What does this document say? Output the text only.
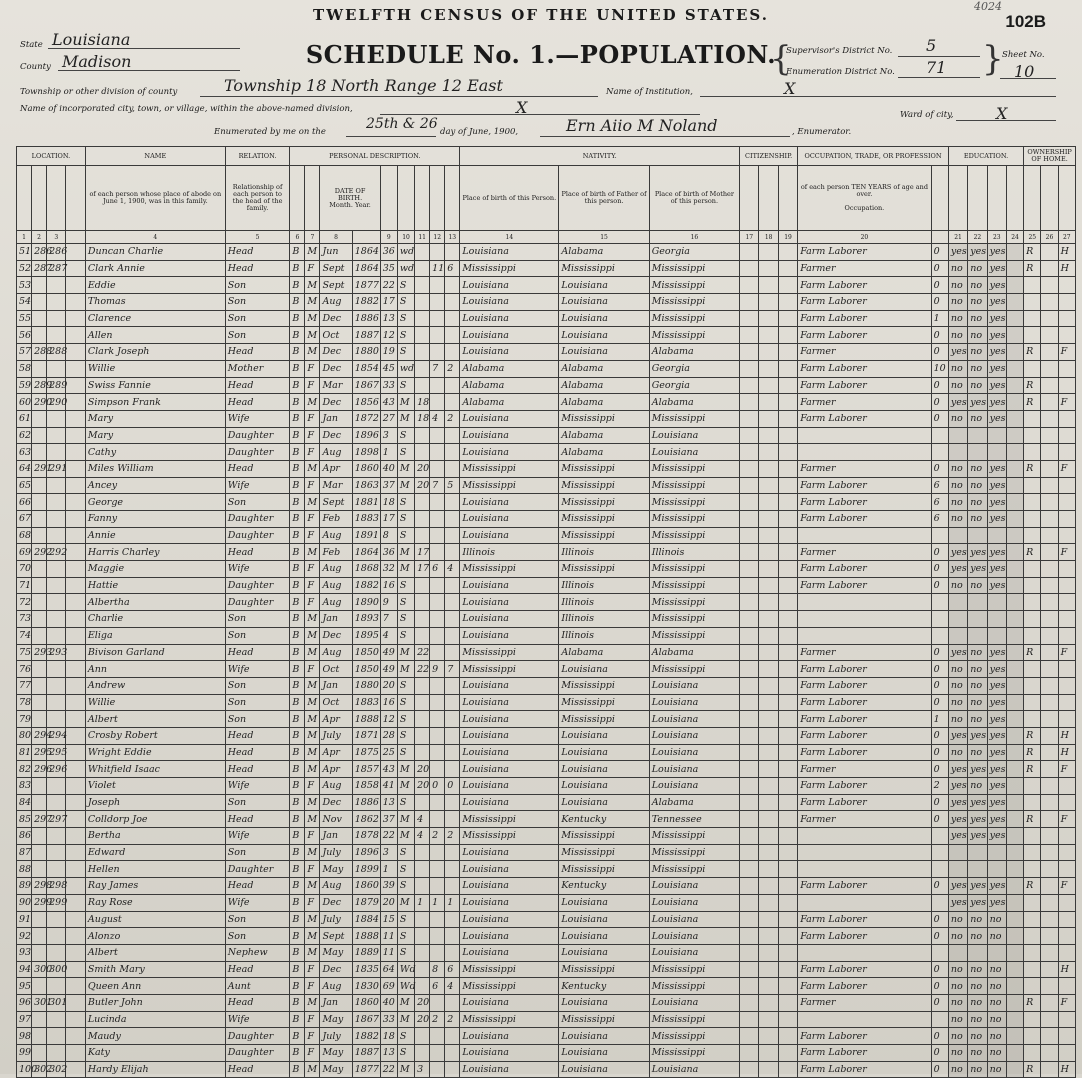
4024
102B
TWELFTH CENSUS OF THE UNITED STATES.
SCHEDULE No. 1.—POPULATION.
State Louisiana
County Madison	{
Supervisor's District No. 5
Enumeration District No. 71 }
Sheet No.
10
Township or other division of county	Township 18 North Range 12 East	Name of Institution,	X
Name of incorporated city, town, or village, within the above-named division,	X	Ward of city,	X
Enumerated by me on the	25th & 26 day of June, 1900,	Ern Aiio M Noland	, Enumerator.
LOCATION.				NAME	RELATION.	PERSONAL DESCRIPTION.									NATIVITY.			CITIZENSHIP.			OCCUPATION, TRADE, OR PROFESSION		EDUCATION.				OWNERSHIP OF HOME.		
				of each person whose place of abode on June 1, 1900, was in this family.	Relationship of each person to the head of the family.			DATE OF BIRTH.
Month. Year.							Place of birth of this Person.	Place of birth of Father of this person.	Place of birth of Mother of this person.				of each person TEN YEARS of age and over.

Occupation.								
1	2	3		4	5	6	7	8		9	10	11	12	13	14	15	16	17	18	19	20		21	22	23	24	25	26	27
51	286	286		Duncan Charlie	Head	B	M	Jun	1864	36	wd				Louisiana	Alabama	Georgia				Farm Laborer	0	yes	yes	yes		R		H
52	287	287		Clark Annie	Head	B	F	Sept	1864	35	wd		11	6	Mississippi	Mississippi	Mississippi				Farmer	0	no	no	yes		R		H
53				Eddie	Son	B	M	Sept	1877	22	S				Louisiana	Louisiana	Mississippi				Farm Laborer	0	no	no	yes				
54				Thomas	Son	B	M	Aug	1882	17	S				Louisiana	Louisiana	Mississippi				Farm Laborer	0	no	no	yes				
55				Clarence	Son	B	M	Dec	1886	13	S				Louisiana	Louisiana	Mississippi				Farm Laborer	1	no	no	yes				
56				Allen	Son	B	M	Oct	1887	12	S				Louisiana	Louisiana	Mississippi				Farm Laborer	0	no	no	yes				
57	288	288		Clark Joseph	Head	B	M	Dec	1880	19	S				Louisiana	Louisiana	Alabama				Farmer	0	yes	no	yes		R		F
58				Willie	Mother	B	F	Dec	1854	45	wd		7	2	Alabama	Alabama	Georgia				Farm Laborer	10	no	no	yes				
59	289	289		Swiss Fannie	Head	B	F	Mar	1867	33	S				Alabama	Alabama	Georgia				Farm Laborer	0	no	no	yes		R		
60	290	290		Simpson Frank	Head	B	M	Dec	1856	43	M	18			Alabama	Alabama	Alabama				Farmer	0	yes	yes	yes		R		F
61				Mary	Wife	B	F	Jan	1872	27	M	18	4	2	Louisiana	Mississippi	Mississippi				Farm Laborer	0	no	no	yes				
62				Mary	Daughter	B	F	Dec	1896	3	S				Louisiana	Alabama	Louisiana												
63				Cathy	Daughter	B	F	Aug	1898	1	S				Louisiana	Alabama	Louisiana												
64	291	291		Miles William	Head	B	M	Apr	1860	40	M	20			Mississippi	Mississippi	Mississippi				Farmer	0	no	no	yes		R		F
65				Ancey	Wife	B	F	Mar	1863	37	M	20	7	5	Mississippi	Mississippi	Mississippi				Farm Laborer	6	no	no	yes				
66				George	Son	B	M	Sept	1881	18	S				Louisiana	Mississippi	Mississippi				Farm Laborer	6	no	no	yes				
67				Fanny	Daughter	B	F	Feb	1883	17	S				Louisiana	Mississippi	Mississippi				Farm Laborer	6	no	no	yes				
68				Annie	Daughter	B	F	Aug	1891	8	S				Louisiana	Mississippi	Mississippi												
69	292	292		Harris Charley	Head	B	M	Feb	1864	36	M	17			Illinois	Illinois	Illinois				Farmer	0	yes	yes	yes		R		F
70				Maggie	Wife	B	F	Aug	1868	32	M	17	6	4	Mississippi	Mississippi	Mississippi				Farm Laborer	0	yes	yes	yes				
71				Hattie	Daughter	B	F	Aug	1882	16	S				Louisiana	Illinois	Mississippi				Farm Laborer	0	no	no	yes				
72				Albertha	Daughter	B	F	Aug	1890	9	S				Louisiana	Illinois	Mississippi												
73				Charlie	Son	B	M	Jan	1893	7	S				Louisiana	Illinois	Mississippi												
74				Eliga	Son	B	M	Dec	1895	4	S				Louisiana	Illinois	Mississippi												
75	293	293		Bivison Garland	Head	B	M	Aug	1850	49	M	22			Mississippi	Alabama	Alabama				Farmer	0	yes	no	yes		R		F
76				Ann	Wife	B	F	Oct	1850	49	M	22	9	7	Mississippi	Louisiana	Mississippi				Farm Laborer	0	no	no	yes				
77				Andrew	Son	B	M	Jan	1880	20	S				Louisiana	Mississippi	Louisiana				Farm Laborer	0	no	no	yes				
78				Willie	Son	B	M	Oct	1883	16	S				Louisiana	Mississippi	Louisiana				Farm Laborer	0	no	no	yes				
79				Albert	Son	B	M	Apr	1888	12	S				Louisiana	Mississippi	Louisiana				Farm Laborer	1	no	no	yes				
80	294	294		Crosby Robert	Head	B	M	July	1871	28	S				Louisiana	Louisiana	Louisiana				Farm Laborer	0	yes	yes	yes		R		H
81	295	295		Wright Eddie	Head	B	M	Apr	1875	25	S				Louisiana	Louisiana	Louisiana				Farm Laborer	0	no	no	yes		R		H
82	296	296		Whitfield Isaac	Head	B	M	Apr	1857	43	M	20			Louisiana	Louisiana	Louisiana				Farmer	0	yes	yes	yes		R		F
83				Violet	Wife	B	F	Aug	1858	41	M	20	0	0	Louisiana	Louisiana	Louisiana				Farm Laborer	2	yes	no	yes				
84				Joseph	Son	B	M	Dec	1886	13	S				Louisiana	Louisiana	Alabama				Farm Laborer	0	yes	yes	yes				
85	297	297		Colldorp Joe	Head	B	M	Nov	1862	37	M	4			Mississippi	Kentucky	Tennessee				Farmer	0	yes	yes	yes		R		F
86				Bertha	Wife	B	F	Jan	1878	22	M	4	2	2	Mississippi	Mississippi	Mississippi						yes	yes	yes				
87				Edward	Son	B	M	July	1896	3	S				Louisiana	Mississippi	Mississippi												
88				Hellen	Daughter	B	F	May	1899	1	S				Louisiana	Mississippi	Mississippi												
89	298	298		Ray James	Head	B	M	Aug	1860	39	S				Louisiana	Kentucky	Louisiana				Farm Laborer	0	yes	yes	yes		R		F
90	299	299		Ray Rose	Wife	B	F	Dec	1879	20	M	1	1	1	Louisiana	Louisiana	Louisiana						yes	yes	yes				
91				August	Son	B	M	July	1884	15	S				Louisiana	Louisiana	Louisiana				Farm Laborer	0	no	no	no				
92				Alonzo	Son	B	M	Sept	1888	11	S				Louisiana	Louisiana	Louisiana				Farm Laborer	0	no	no	no				
93				Albert	Nephew	B	M	May	1889	11	S				Louisiana	Louisiana	Louisiana												
94	300	300		Smith Mary	Head	B	F	Dec	1835	64	Wd		8	6	Mississippi	Mississippi	Mississippi				Farm Laborer	0	no	no	no				H
95				Queen Ann	Aunt	B	F	Aug	1830	69	Wd		6	4	Mississippi	Kentucky	Mississippi				Farm Laborer	0	no	no	no				
96	301	301		Butler John	Head	B	M	Jan	1860	40	M	20			Louisiana	Louisiana	Louisiana				Farmer	0	no	no	no		R		F
97				Lucinda	Wife	B	F	May	1867	33	M	20	2	2	Mississippi	Mississippi	Mississippi						no	no	no				
98				Maudy	Daughter	B	F	July	1882	18	S				Louisiana	Louisiana	Mississippi				Farm Laborer	0	no	no	no				
99				Katy	Daughter	B	F	May	1887	13	S				Louisiana	Louisiana	Mississippi				Farm Laborer	0	no	no	no				
100	302	302		Hardy Elijah	Head	B	M	May	1877	22	M	3			Louisiana	Louisiana	Louisiana				Farm Laborer	0	no	no	no		R		H
